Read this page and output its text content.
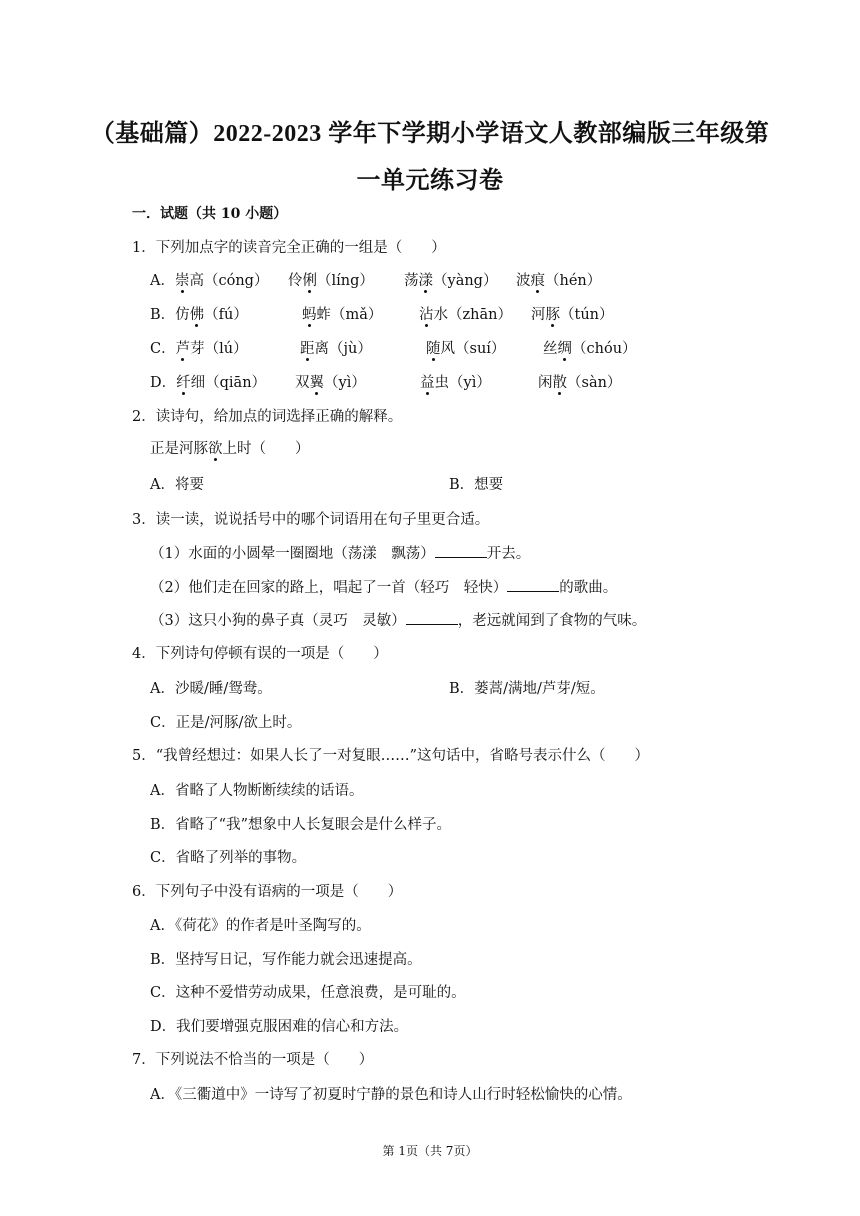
（基础篇）2022-2023 学年下学期小学语文人教部编版三年级第
一单元练习卷
一．试题（共 10 小题）
1．下列加点字的读音完全正确的一组是（　　）
A．崇高（cóng） 伶俐（líng） 荡漾（yàng） 波痕（hén）
B．仿佛（fú）	蚂蚱（mǎ）	沾水（zhān） 河豚（tún）
C．芦芽（lú）	距离（jù）	随风（suí）	丝绸（chóu）
D．纤细（qiān） 双翼（yì）	益虫（yì）	闲散（sàn）
2．读诗句，给加点的词选择正确的解释。
正是河豚欲上时（　　）
A．将要	B．想要
3．读一读，说说括号中的哪个词语用在句子里更合适。
（1）水面的小圆晕一圈圈地（荡漾　飘荡）	开去。
（2）他们走在回家的路上，唱起了一首（轻巧　轻快）	的歌曲。
（3）这只小狗的鼻子真（灵巧　灵敏）	，老远就闻到了食物的气味。
4．下列诗句停顿有误的一项是（　　）
A．沙暖/睡/鸳鸯。	B．蒌蒿/满地/芦芽/短。
C．正是/河豚/欲上时。
5．“我曾经想过：如果人长了一对复眼……”这句话中，省略号表示什么（　　）
A．省略了人物断断续续的话语。
B．省略了“我”想象中人长复眼会是什么样子。
C．省略了列举的事物。
6．下列句子中没有语病的一项是（　　）
A．《荷花》的作者是叶圣陶写的。
B．坚持写日记，写作能力就会迅速提高。
C．这种不爱惜劳动成果，任意浪费，是可耻的。
D．我们要增强克服困难的信心和方法。
7．下列说法不恰当的一项是（　　）
A．《三衢道中》一诗写了初夏时宁静的景色和诗人山行时轻松愉快的心情。
第 1页（共 7页）
